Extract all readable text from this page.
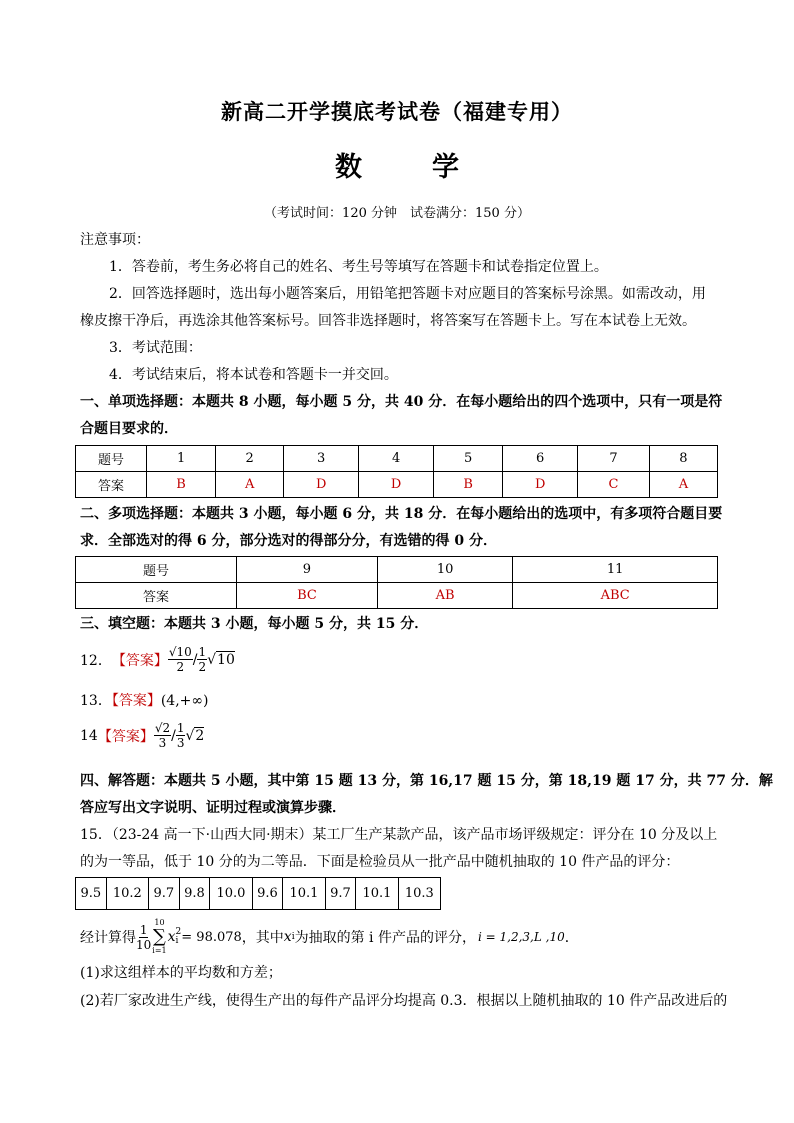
新高二开学摸底考试卷（福建专用）
数	学
（考试时间：120 分钟　试卷满分：150 分）
注意事项：
1．答卷前，考生务必将自己的姓名、考生号等填写在答题卡和试卷指定位置上。
2．回答选择题时，选出每小题答案后，用铅笔把答题卡对应题目的答案标号涂黑。如需改动，用
橡皮擦干净后，再选涂其他答案标号。回答非选择题时，将答案写在答题卡上。写在本试卷上无效。
3．考试范围：
4．考试结束后，将本试卷和答题卡一并交回。
一、单项选择题：本题共 8 小题，每小题 5 分，共 40 分．在每小题给出的四个选项中，只有一项是符
合题目要求的．
题号	1	2	3	4	5	6	7	8
答案	B	A	D	D	B	D	C	A
二、多项选择题：本题共 3 小题，每小题 6 分，共 18 分．在每小题给出的选项中，有多项符合题目要
求．全部选对的得 6 分，部分选对的得部分分，有选错的得 0 分．
题号	9	10	11
答案	BC	AB	ABC
三、填空题：本题共 3 小题，每小题 5 分，共 15 分．
12． 【答案】 $\frac{√10}{2} / \frac{1}{2}$ √ 10
13．【答案】(4,+∞)
14 【答案】 $\frac{√2}{3} / \frac{1}{3}$ √ 2
四、解答题：本题共 5 小题，其中第 15 题 13 分，第 16,17 题 15 分，第 18,19 题 17 分，共 77 分．解
答应写出文字说明、证明过程或演算步骤．
15．（23-24 高一下·山西大同·期末）某工厂生产某款产品，该产品市场评级规定：评分在 10 分及以上
的为一等品，低于 10 分的为二等品．下面是检验员从一批产品中随机抽取的 10 件产品的评分：
9.5	10.2	9.7	9.8	10.0	9.6	10.1	9.7	10.1	10.3
经计算得 $\frac{1}{10} 10$
∑
i=1
x 2
i = 98.078 ，其中 x i 为抽取的第 i 件产品的评分， i = 1,2,3,L ,10 ．
(1)求这组样本的平均数和方差；
(2)若厂家改进生产线，使得生产出的每件产品评分均提高 0.3．根据以上随机抽取的 10 件产品改进后的
